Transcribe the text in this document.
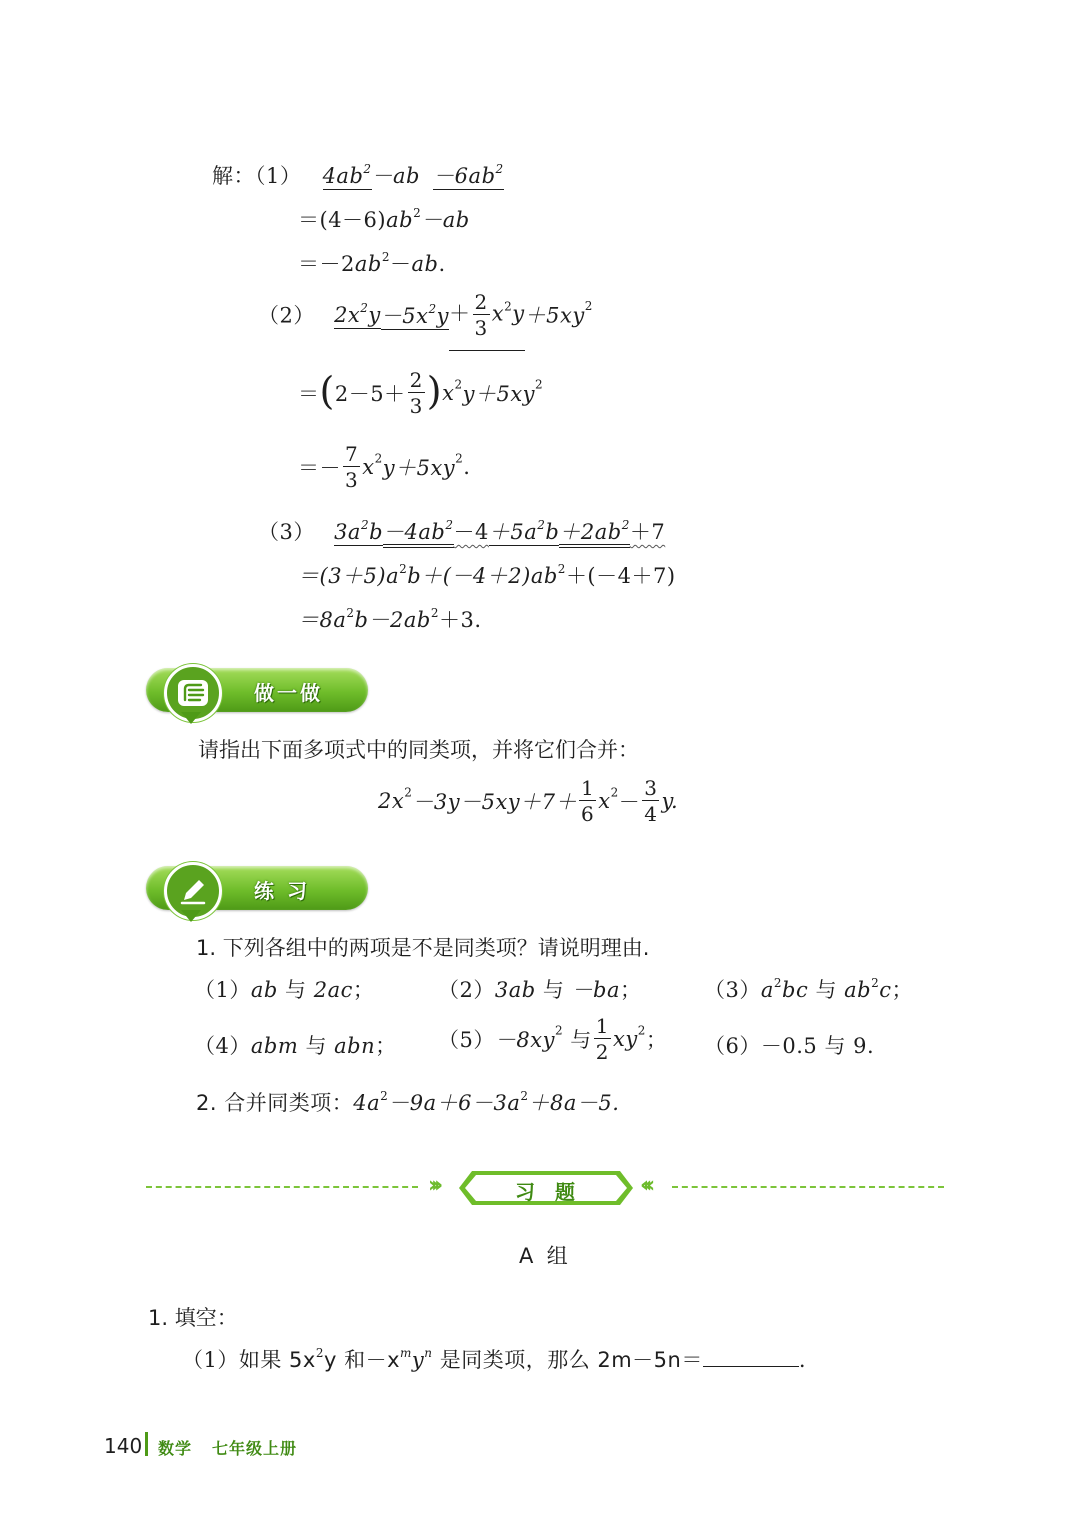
解：（1） $4ab^2-ab -6ab^2$
$=(4-6)ab^2-ab$
$=-2ab^2-ab$.
（2） $2x^2y-5x^2y+ \frac{2}{3} x^2y+5xy^2$
$=(2-5+ \frac{2}{3} )x^2y+5xy^2$
＝－ $\frac{7}{3} x^2y+5xy^2$.
（3） $3a^2b-4ab^2-4+5a^2b+2ab^2+7$
$=(3+5)a^2b+(-4+2)ab^2+(-4+7)$
$=8a^2b-2ab^2+3$.
做一做
请指出下面多项式中的同类项，并将它们合并：
$2x^2-3y-5xy+7+ \frac{1}{6} x^2- \frac{3}{4} y$.
练 习
1. 下列各组中的两项是不是同类项？请说明理由.
（1）ab 与 2ac；	（2）3ab 与 －ba；	$(3)a^2bc$ 与 $ab^2c$；
（4）abm 与 abn； $(5)-8xy^2$ 与 $\frac{1}{2} xy^2$； （6）－0.5 与 9.
2. 合并同类项：$4a^2-9a+6-3a^2+8a-5$.
›››	习  题	‹‹‹
A  组
1. 填空：
（1）如果 $5x^2y$ 和$-x^my^n$ 是同类项，那么 2m－5n＝	.
140 数学 七年级上册
